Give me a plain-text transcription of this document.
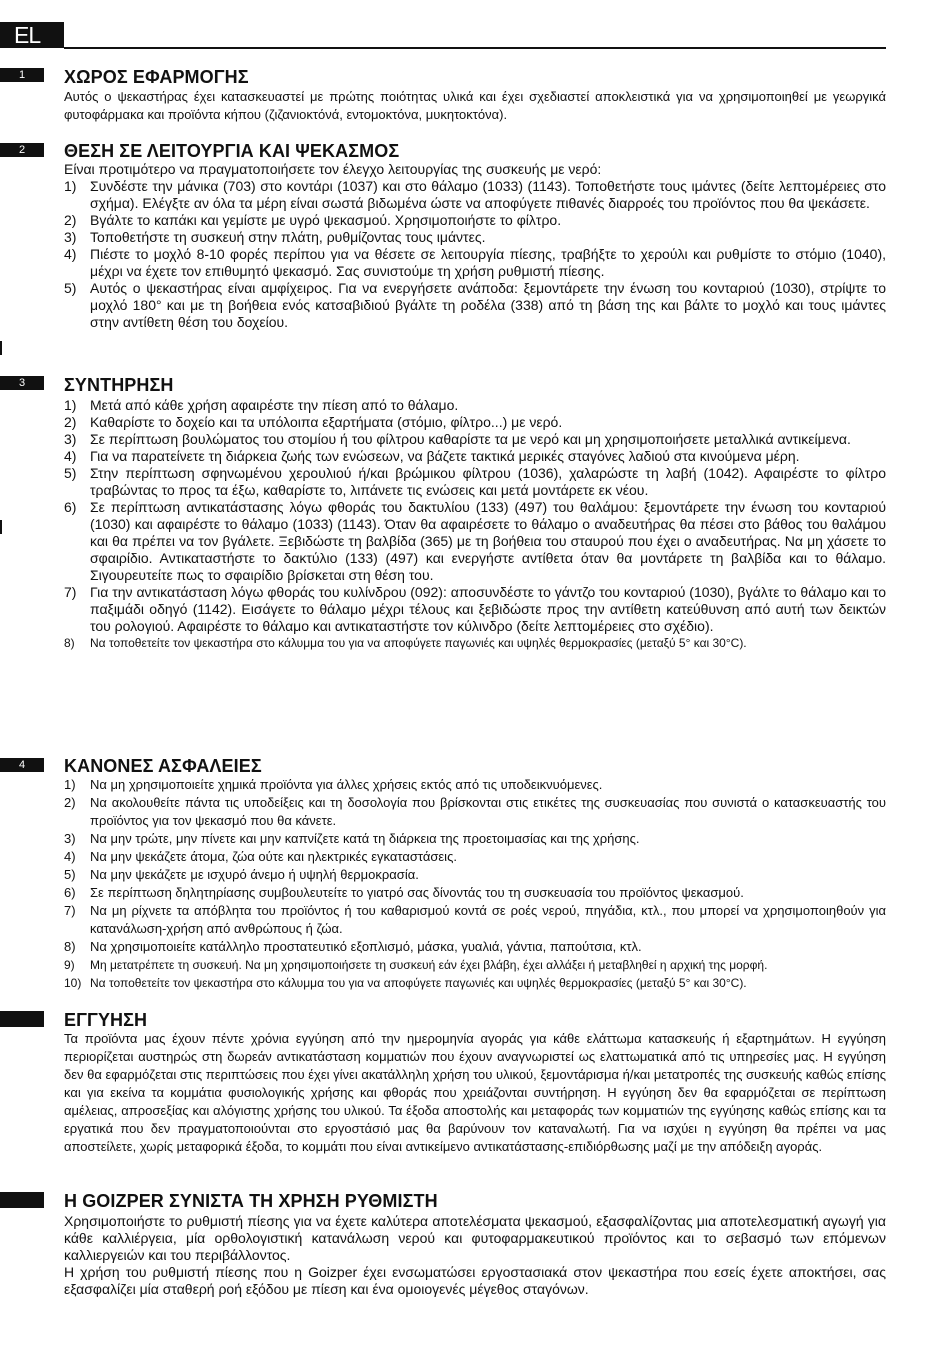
EL
1	ΧΩΡΟΣ ΕΦΑΡΜΟΓΗΣ

Αυτός ο ψεκαστήρας έχει κατασκευαστεί με πρώτης ποιότητας υλικά και έχει σχεδιαστεί αποκλειστικά για να χρησιμοποιηθεί με γεωργικά φυτοφάρμακα και προϊόντα κήπου (ζιζανιοκτόνά, εντομοκτόνα, μυκητοκτόνα).

2	ΘΕΣΗ ΣΕ ΛΕΙΤΟΥΡΓΙΑ ΚΑΙ ΨΕΚΑΣΜΟΣ

Είναι προτιμότερο να πραγματοποιήσετε τον έλεγχο λειτουργίας της συσκευής με νερό:

1) Συνδέστε την μάνικα (703) στο κοντάρι (1037) και στο θάλαμο (1033) (1143). Τοποθετήστε τους ιμάντες (δείτε λεπτομέρειες στο σχήμα). Ελέγξτε αν όλα τα μέρη είναι σωστά βιδωμένα ώστε να αποφύγετε πιθανές διαρροές του προϊόντος που θα ψεκάσετε.
2) Βγάλτε το καπάκι και γεμίστε με υγρό ψεκασμού. Χρησιμοποιήστε το φίλτρο.
3) Τοποθετήστε τη συσκευή στην πλάτη, ρυθμίζοντας τους ιμάντες.
4) Πιέστε το μοχλό 8-10 φορές περίπου για να θέσετε σε λειτουργία πίεσης, τραβήξτε το χερούλι και ρυθμίστε το στόμιο (1040), μέχρι να έχετε τον επιθυμητό ψεκασμό. Σας συνιστούμε τη χρήση ρυθμιστή πίεσης.
5) Αυτός ο ψεκαστήρας είναι αμφίχειρος. Για να ενεργήσετε ανάποδα: ξεμοντάρετε την ένωση του κονταριού (1030), στρίψτε το μοχλό 180° και με τη βοήθεια ενός κατσαβιδιού βγάλτε τη ροδέλα (338) από τη βάση της και βάλτε το μοχλό και τους ιμάντες στην αντίθετη θέση του δοχείου.
3	ΣΥΝΤΗΡΗΣΗ
1) Μετά από κάθε χρήση αφαιρέστε την πίεση από το θάλαμο.
2) Καθαρίστε το δοχείο και τα υπόλοιπα εξαρτήματα (στόμιο, φίλτρο...) με νερό.
3) Σε περίπτωση βουλώματος του στομίου ή του φίλτρου καθαρίστε τα με νερό και μη χρησιμοποιήσετε μεταλλικά αντικείμενα.
4) Για να παρατείνετε τη διάρκεια ζωής των ενώσεων, να βάζετε τακτικά μερικές σταγόνες λαδιού στα κινούμενα μέρη.
5) Στην περίπτωση σφηνωμένου χερουλιού ή/και βρώμικου φίλτρου (1036), χαλαρώστε τη λαβή (1042). Αφαιρέστε το φίλτρο τραβώντας το προς τα έξω, καθαρίστε το, λιπάνετε τις ενώσεις και μετά μοντάρετε εκ νέου.
6) Σε περίπτωση αντικατάστασης λόγω φθοράς του δακτυλίου (133) (497) του θαλάμου: ξεμοντάρετε την ένωση του κονταριού (1030) και αφαιρέστε το θάλαμο (1033) (1143). Όταν θα αφαιρέσετε το θάλαμο ο αναδευτήρας θα πέσει στο βάθος του θαλάμου και θα πρέπει να τον βγάλετε. Ξεβιδώστε τη βαλβίδα (365) με τη βοήθεια του σταυρού που έχει ο αναδευτήρας. Να μη χάσετε το σφαιρίδιο. Αντικαταστήστε το δακτύλιο (133) (497) και ενεργήστε αντίθετα όταν θα μοντάρετε τη βαλβίδα και το θάλαμο. Σιγουρευτείτε πως το σφαιρίδιο βρίσκεται στη θέση του.
7) Για την αντικατάσταση λόγω φθοράς του κυλίνδρου (092): αποσυνδέστε το γάντζο του κονταριού (1030), βγάλτε το θάλαμο και το παξιμάδι οδηγό (1142). Εισάγετε το θάλαμο μέχρι τέλους και ξεβιδώστε προς την αντίθετη κατεύθυνση από αυτή των δεικτών του ρολογιού. Αφαιρέστε το θάλαμο και αντικαταστήστε τον κύλινδρο (δείτε λεπτομέρειες στο σχέδιο).
8)	Να τοποθετείτε τον ψεκαστήρα στο κάλυμμα του για να αποφύγετε παγωνιές και υψηλές θερμοκρασίες (μεταξύ 5° και 30°C).
4	ΚΑΝΟΝΕΣ ΑΣΦΑΛΕΙΕΣ
1)	Να μη χρησιμοποιείτε χημικά προϊόντα για άλλες χρήσεις εκτός από τις υποδεικνυόμενες.
2)	Να ακολουθείτε πάντα τις υποδείξεις και τη δοσολογία που βρίσκονται στις ετικέτες της συσκευασίας που συνιστά ο κατασκευαστής του προϊόντος για τον ψεκασμό που θα κάνετε.
3)	Να μην τρώτε, μην πίνετε και μην καπνίζετε κατά τη διάρκεια της προετοιμασίας και της χρήσης.
4)	Να μην ψεκάζετε άτομα, ζώα ούτε και ηλεκτρικές εγκαταστάσεις.
5)	Να μην ψεκάζετε με ισχυρό άνεμο ή υψηλή θερμοκρασία.
6)	Σε περίπτωση δηλητηρίασης συμβουλευτείτε το γιατρό σας δίνοντάς του τη συσκευασία του προϊόντος ψεκασμού.
7)	Να μη ρίχνετε τα απόβλητα του προϊόντος ή του καθαρισμού κοντά σε ροές νερού, πηγάδια, κτλ., που μπορεί να χρησιμοποιηθούν για κατανάλωση-χρήση από ανθρώπους ή ζώα.
8)	Να χρησιμοποιείτε κατάλληλο προστατευτικό εξοπλισμό, μάσκα, γυαλιά, γάντια, παπούτσια, κτλ.
9)	Μη μετατρέπετε τη συσκευή. Να μη χρησιμοποιήσετε τη συσκευή εάν έχει βλάβη, έχει αλλάξει ή μεταβληθεί η αρχική της μορφή.
10) Να τοποθετείτε τον ψεκαστήρα στο κάλυμμα του για να αποφύγετε παγωνιές και υψηλές θερμοκρασίες (μεταξύ 5° και 30°C).
ΕΓΓΥΗΣΗ

Τα προϊόντα μας έχουν πέντε χρόνια εγγύηση από την ημερομηνία αγοράς για κάθε ελάττωμα κατασκευής ή εξαρτημάτων. Η εγγύηση περιορίζεται αυστηρώς στη δωρεάν αντικατάσταση κομματιών που έχουν αναγνωριστεί ως ελαττωματικά από τις υπηρεσίες μας. Η εγγύηση δεν θα εφαρμόζεται στις περιπτώσεις που έχει γίνει ακατάλληλη χρήση του υλικού, ξεμοντάρισμα ή/και μετατροπές της συσκευής καθώς επίσης και για εκείνα τα κομμάτια φυσιολογικής χρήσης και φθοράς που χρειάζονται συντήρηση. Η εγγύηση δεν θα εφαρμόζεται σε περίπτωση αμέλειας, απροσεξίας και αλόγιστης χρήσης του υλικού. Τα έξοδα αποστολής και μεταφοράς των κομματιών της εγγύησης καθώς επίσης και τα εργατικά που δεν πραγματοποιούνται στο εργοστάσιό μας θα βαρύνουν τον καταναλωτή. Για να ισχύει η εγγύηση θα πρέπει να μας αποστείλετε, χωρίς μεταφορικά έξοδα, το κομμάτι που είναι αντικείμενο αντικατάστασης-επιδιόρθωσης μαζί με την απόδειξη αγοράς.

Η GOIZPER ΣΥΝΙΣΤΑ ΤΗ ΧΡΗΣΗ ΡΥΘΜΙΣΤΗ

Χρησιμοποιήστε το ρυθμιστή πίεσης για να έχετε καλύτερα αποτελέσματα ψεκασμού, εξασφαλίζοντας μια αποτελεσματική αγωγή για κάθε καλλιέργεια, μία ορθολογιστική κατανάλωση νερού και φυτοφαρμακευτικού προϊόντος και το σεβασμό των επόμενων καλλιεργειών και του περιβάλλοντος.

Η χρήση του ρυθμιστή πίεσης που η Goizper έχει ενσωματώσει εργοστασιακά στον ψεκαστήρα που εσείς έχετε αποκτήσει, σας εξασφαλίζει μία σταθερή ροή εξόδου με πίεση και ένα ομοιογενές μέγεθος σταγόνων.
